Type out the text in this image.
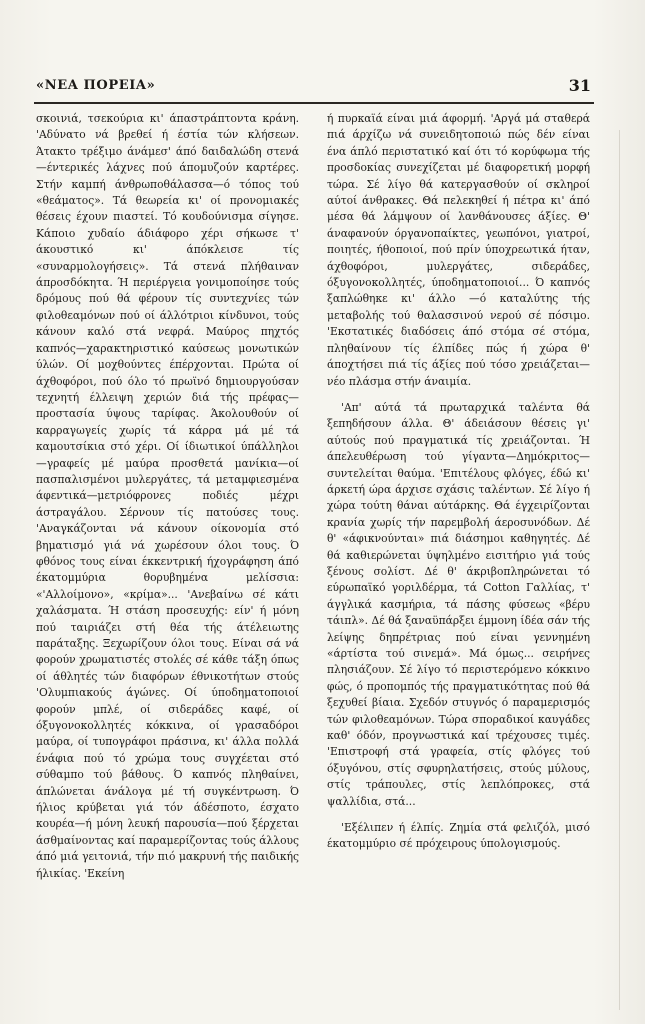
«ΝΕΑ ΠΟΡΕΙΑ»	31

σκοινιά, τσεκούρια κι' άπαστράπτοντα κράνη. 'Αδύνατο νά βρεθεί ή έστία τών κλήσεων. Άτακτο τρέξιμο άνάμεσ' άπό δαιδαλώδη στενά—έντερικές λάχνες πού άπομυζούν καρτέρες. Στήν καμπή άνθρωποθάλασσα—ό τόπος τού «θεάματος». Τά θεωρεία κι' οί προνομιακές θέσεις έχουν πιαστεί. Τό κουδούνισμα σίγησε. Κάποιο χυδαίο άδιάφορο χέρι σήκωσε τ' άκουστικό κι' άπόκλεισε τίς «συναρμολογήσεις». Τά στενά πλήθαιναν άπροσδόκητα. Ή περιέργεια γονιμοποίησε τούς δρόμους πού θά φέρουν τίς συντεχνίες τών φιλοθεαμόνων πού οί άλλότριοι κίνδυνοι, τούς κάνουν καλό στά νεφρά. Μαύρος πηχτός καπνός—χαρακτηριστικό καύσεως μονωτικών ύλών. Οί μοχθούντες έπέρχονται. Πρώτα οί άχθοφόροι, πού όλο τό πρωϊνό δημιουργούσαν τεχνητή έλλειψη χεριών διά τής πρέφας—προστασία ύψους ταρίφας. Άκολουθούν οί καρραγωγείς χωρίς τά κάρρα μά μέ τά καμουτσίκια στό χέρι. Οί ίδιωτικοί ύπάλληλοι—γραφείς μέ μαύρα προσθετά μανίκια—οί πασπαλισμένοι μυλεργάτες, τά μεταμφιεσμένα άφεντικά—μετριόφρονες ποδιές μέχρι άστραγάλου. Σέρνουν τίς πατούσες τους. 'Αναγκάζονται νά κάνουν οίκονομία στό βηματισμό γιά νά χωρέσουν όλοι τους. Ό φθόνος τους είναι έκκεντρική ήχογράφηση άπό έκατομμύρια θορυβημένα μελίσσια: «'Αλλοίμονο», «κρίμα»... 'Ανεβαίνω σέ κάτι χαλάσματα. Ή στάση προσευχής: είν' ή μόνη πού ταιριάζει στή θέα τής άτέλειωτης παράταξης. Ξεχωρίζουν όλοι τους. Είναι σά νά φορούν χρωματιστές στολές σέ κάθε τάξη όπως οί άθλητές τών διαφόρων έθνικοτήτων στούς 'Ολυμπιακούς άγώνες. Οί ύποδηματοποιοί φορούν μπλέ, οί σιδεράδες καφέ, οί όξυγονοκολλητές κόκκινα, οί γρασαδόροι μαύρα, οί τυπογράφοι πράσινα, κι' άλλα πολλά ένάφια πού τό χρώμα τους συγχέεται στό σύθαμπο τού βάθους. Ό καπνός πληθαίνει, άπλώνεται άνάλογα μέ τή συγκέντρωση. Ό ήλιος κρύβεται γιά τόν άδέσποτο, έσχατο κουρέα—ή μόνη λευκή παρουσία—πού ξέρχεται άσθμαίνοντας καί παραμερίζοντας τούς άλλους άπό μιά γειτονιά, τήν πιό μακρυνή τής παιδικής ήλικίας. 'Εκείνη

ή πυρκαϊά είναι μιά άφορμή. 'Αργά μά σταθερά πιά άρχίζω νά συνειδητοποιώ πώς δέν είναι ένα άπλό περιστατικό καί ότι τό κορύφωμα τής προσδοκίας συνεχίζεται μέ διαφορετική μορφή τώρα. Σέ λίγο θά κατεργασθούν οί σκληροί αύτοί άνθρακες. Θά πελεκηθεί ή πέτρα κι' άπό μέσα θά λάμψουν οί λανθάνουσες άξίες. Θ' άναφανούν όργανοπαίκτες, γεωπόνοι, γιατροί, ποιητές, ήθοποιοί, πού πρίν ύποχρεωτικά ήταν, άχθοφόροι, μυλεργάτες, σιδεράδες, όξυγονοκολλητές, ύποδηματοποιοί... Ό καπνός ξαπλώθηκε κι' άλλο —ό καταλύτης τής μεταβολής τού θαλασσινού νερού σέ πόσιμο. 'Εκστατικές διαδόσεις άπό στόμα σέ στόμα, πληθαίνουν τίς έλπίδες πώς ή χώρα θ' άποχτήσει πιά τίς άξίες πού τόσο χρειάζεται—νέο πλάσμα στήν άναιμία.

'Απ' αύτά τά πρωταρχικά ταλέντα θά ξεπηδήσουν άλλα. Θ' άδειάσουν θέσεις γι' αύτούς πού πραγματικά τίς χρειάζονται. Ή άπελευθέρωση τού γίγαντα—Δημόκριτος—συντελείται θαύμα. 'Επιτέλους φλόγες, έδώ κι' άρκετή ώρα άρχισε σχάσις ταλέντων. Σέ λίγο ή χώρα τούτη θάναι αύτάρκης. Θά έγχειρίζονται κρανία χωρίς τήν παρεμβολή άεροσυνόδων. Δέ θ' «άφικνούνται» πιά διάσημοι καθηγητές. Δέ θά καθιερώνεται ύψηλμένο εισιτήριο γιά τούς ξένους σολίστ. Δέ θ' άκριβοπληρώνεται τό εύρωπαϊκό γοριλδέρμα, τά Cotton Γαλλίας, τ' άγγλικά κασμήρια, τά πάσης φύσεως «βέρυ τάιπλ». Δέ θά ξαναϋπάρξει έμμονη ίδέα σάν τής λείψης δηπρέτριας πού είναι γεννημένη «άρτίστα τού σινεμά». Μά όμως... σειρήνες πλησιάζουν. Σέ λίγο τό περιστερόμενο κόκκινο φώς, ό προπομπός τής πραγματικότητας πού θά ξεχυθεί βίαια. Σχεδόν στυγνός ό παραμερισμός τών φιλοθεαμόνων. Τώρα σποραδικοί καυγάδες καθ' όδόν, προγνωστικά καί τρέχουσες τιμές. 'Επιστροφή στά γραφεία, στίς φλόγες τού όξυγόνου, στίς σφυρηλατήσεις, στούς μύλους, στίς τράπουλες, στίς λεπλόπροκες, στά ψαλλίδια, στά...

'Εξέλιπεν ή έλπίς. Ζημία στά φελιζόλ, μισό έκατομμύριο σέ πρόχειρους ύπολογισμούς.
